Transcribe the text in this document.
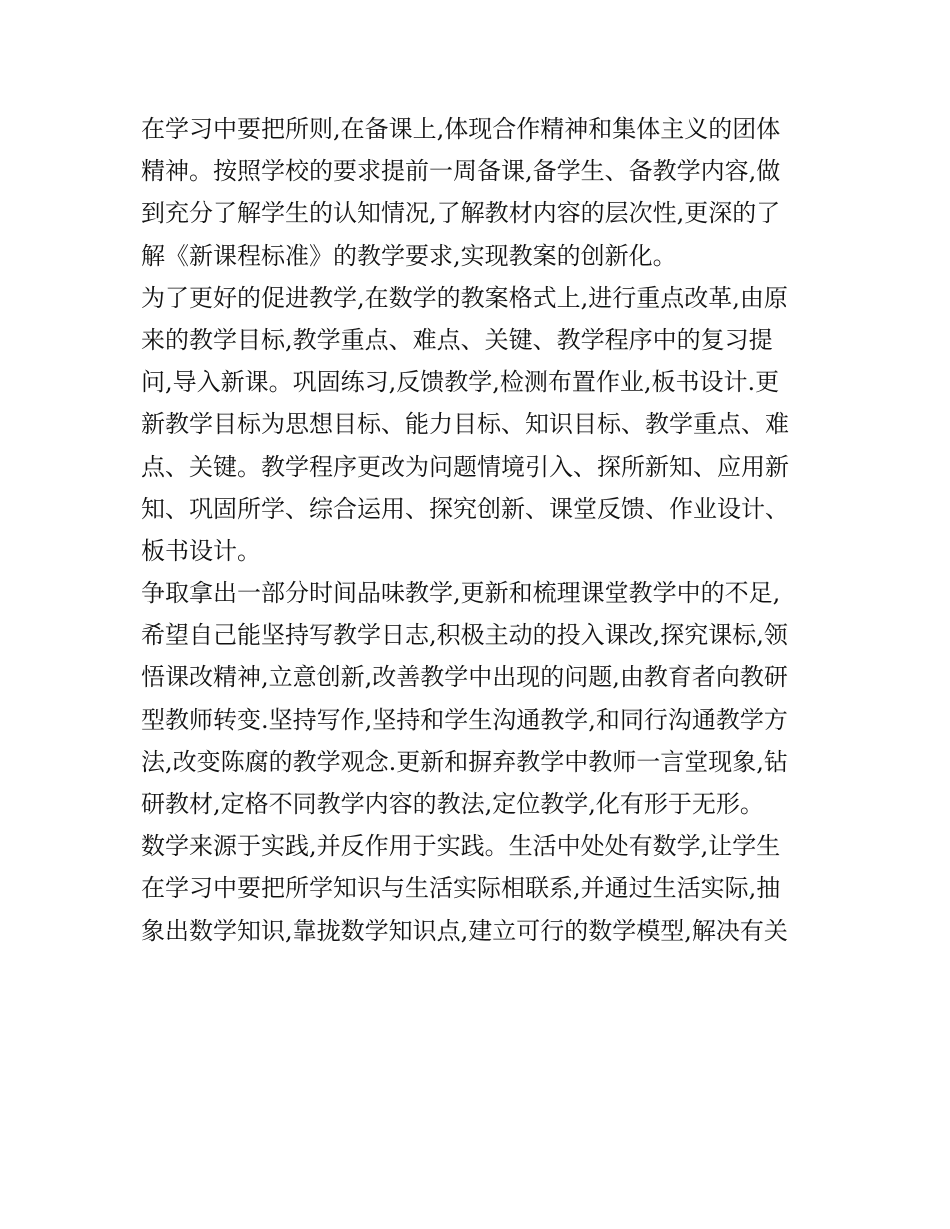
在学习中要把所则,在备课上,体现合作精神和集体主义的团体
精神。按照学校的要求提前一周备课,备学生、备教学内容,做
到充分了解学生的认知情况,了解教材内容的层次性,更深的了
解《新课程标准》的教学要求,实现教案的创新化。
为了更好的促进教学,在数学的教案格式上,进行重点改革,由原
来的教学目标,教学重点、难点、关键、教学程序中的复习提
问,导入新课。巩固练习,反馈教学,检测布置作业,板书设计.更
新教学目标为思想目标、能力目标、知识目标、教学重点、难
点、关键。教学程序更改为问题情境引入、探所新知、应用新
知、巩固所学、综合运用、探究创新、课堂反馈、作业设计、
板书设计。
争取拿出一部分时间品味教学,更新和梳理课堂教学中的不足,
希望自己能坚持写教学日志,积极主动的投入课改,探究课标,领
悟课改精神,立意创新,改善教学中出现的问题,由教育者向教研
型教师转变.坚持写作,坚持和学生沟通教学,和同行沟通教学方
法,改变陈腐的教学观念.更新和摒弃教学中教师一言堂现象,钻
研教材,定格不同教学内容的教法,定位教学,化有形于无形。
数学来源于实践,并反作用于实践。生活中处处有数学,让学生
在学习中要把所学知识与生活实际相联系,并通过生活实际,抽
象出数学知识,靠拢数学知识点,建立可行的数学模型,解决有关
